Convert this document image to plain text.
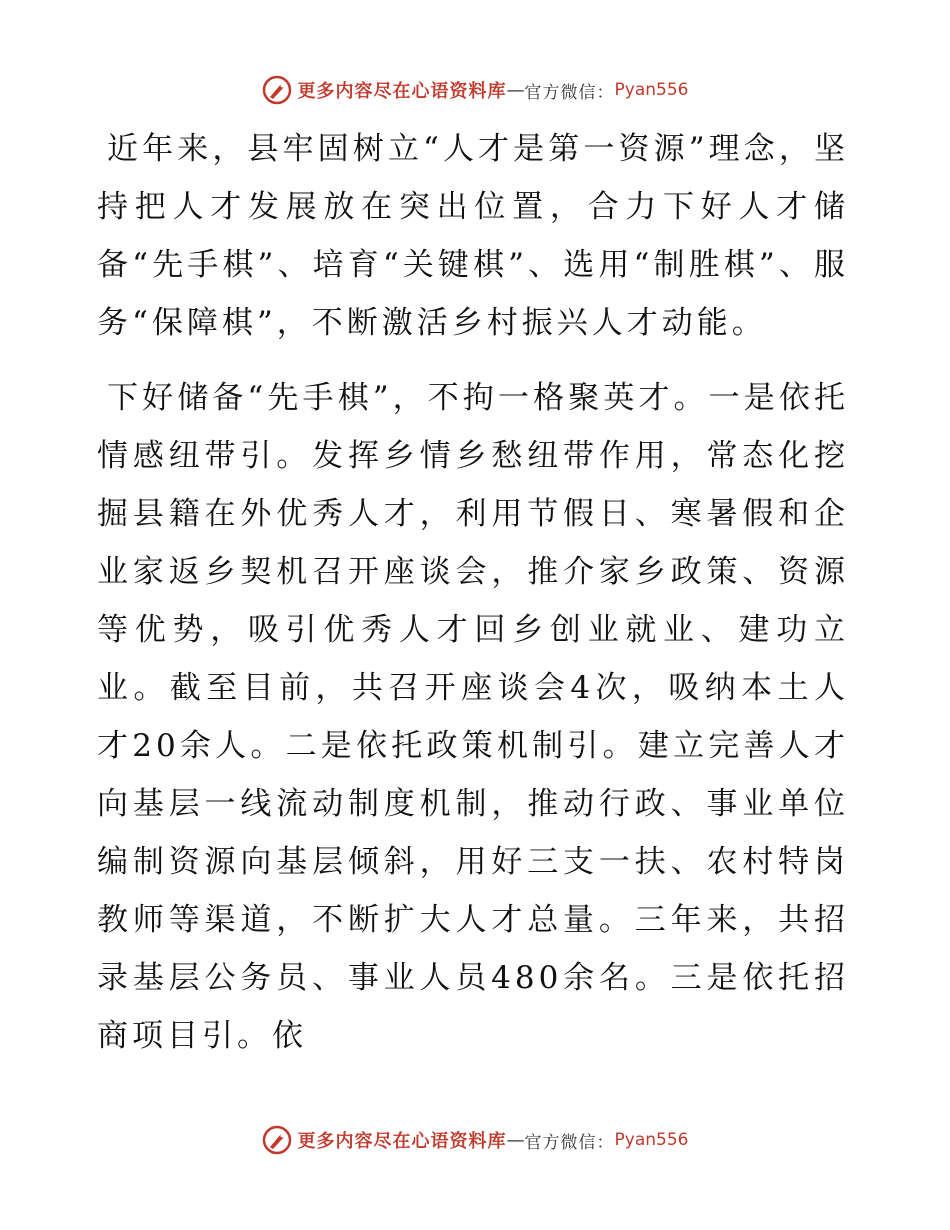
更多内容尽在心语资料库 — 官方微信： Pyan556

近年来，县牢固树立“人才是第一资源”理念，坚持把人才发展放在突出位置，合力下好人才储备“先手棋”、培育“关键棋”、选用“制胜棋”、服务“保障棋”，不断激活乡村振兴人才动能。

下好储备“先手棋”，不拘一格聚英才。一是依托情感纽带引。发挥乡情乡愁纽带作用，常态化挖掘县籍在外优秀人才，利用节假日、寒暑假和企业家返乡契机召开座谈会，推介家乡政策、资源等优势，吸引优秀人才回乡创业就业、建功立业。截至目前，共召开座谈会4次，吸纳本土人才20余人。二是依托政策机制引。建立完善人才向基层一线流动制度机制，推动行政、事业单位编制资源向基层倾斜，用好三支一扶、农村特岗教师等渠道，不断扩大人才总量。三年来，共招录基层公务员、事业人员480余名。三是依托招商项目引。依

更多内容尽在心语资料库 — 官方微信： Pyan556
